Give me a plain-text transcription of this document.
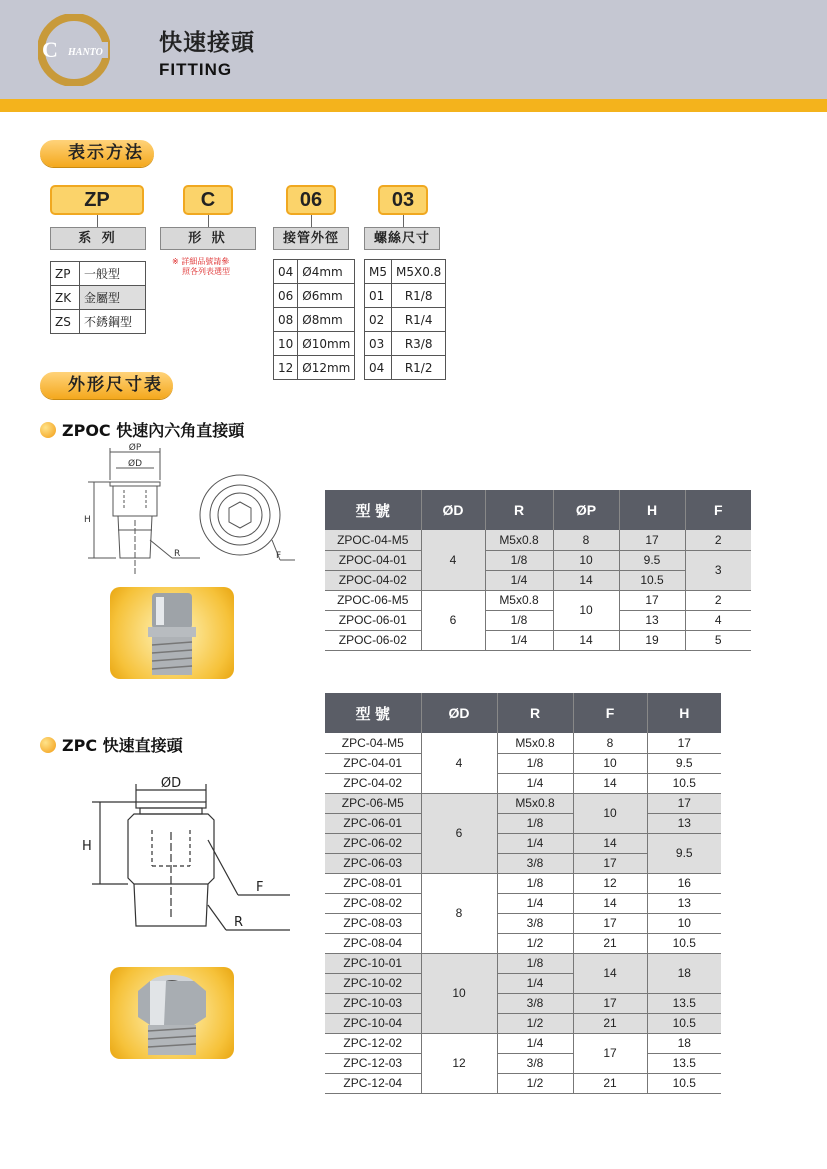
HANTO
C	快速接頭
FITTING
表示方法
ZP	C	06	03
系 列	形 狀	接管外徑	螺絲尺寸
※ 詳細品號請參
照各列表選型
ZP	一般型
ZK	金屬型
ZS	不銹鋼型
04	Ø4mm
06	Ø6mm
08	Ø8mm
10	Ø10mm
12	Ø12mm
M5	M5X0.8
01	R1/8
02	R1/4
03	R3/8
04	R1/2
外形尺寸表
ZPOC 快速內六角直接頭
ØP
ØD
H
R	F
型 號	ØD	R	ØP	H	F
ZPOC-04-M5	4	M5x0.8	8	17	2
ZPOC-04-01		1/8	10	9.5	3
ZPOC-04-02		1/4	14	10.5	
ZPOC-06-M5	6	M5x0.8	10	17	2
ZPOC-06-01		1/8		13	4
ZPOC-06-02		1/4	14	19	5
ZPC 快速直接頭
ØD
H
F
R
型 號	ØD	R	F	H
ZPC-04-M5	4	M5x0.8	8	17
ZPC-04-01		1/8	10	9.5
ZPC-04-02		1/4	14	10.5
ZPC-06-M5	6	M5x0.8	10	17
ZPC-06-01		1/8		13
ZPC-06-02		1/4	14	9.5
ZPC-06-03		3/8	17	
ZPC-08-01	8	1/8	12	16
ZPC-08-02		1/4	14	13
ZPC-08-03		3/8	17	10
ZPC-08-04		1/2	21	10.5
ZPC-10-01	10	1/8	14	18
ZPC-10-02		1/4		
ZPC-10-03		3/8	17	13.5
ZPC-10-04		1/2	21	10.5
ZPC-12-02	12	1/4	17	18
ZPC-12-03		3/8		13.5
ZPC-12-04		1/2	21	10.5
